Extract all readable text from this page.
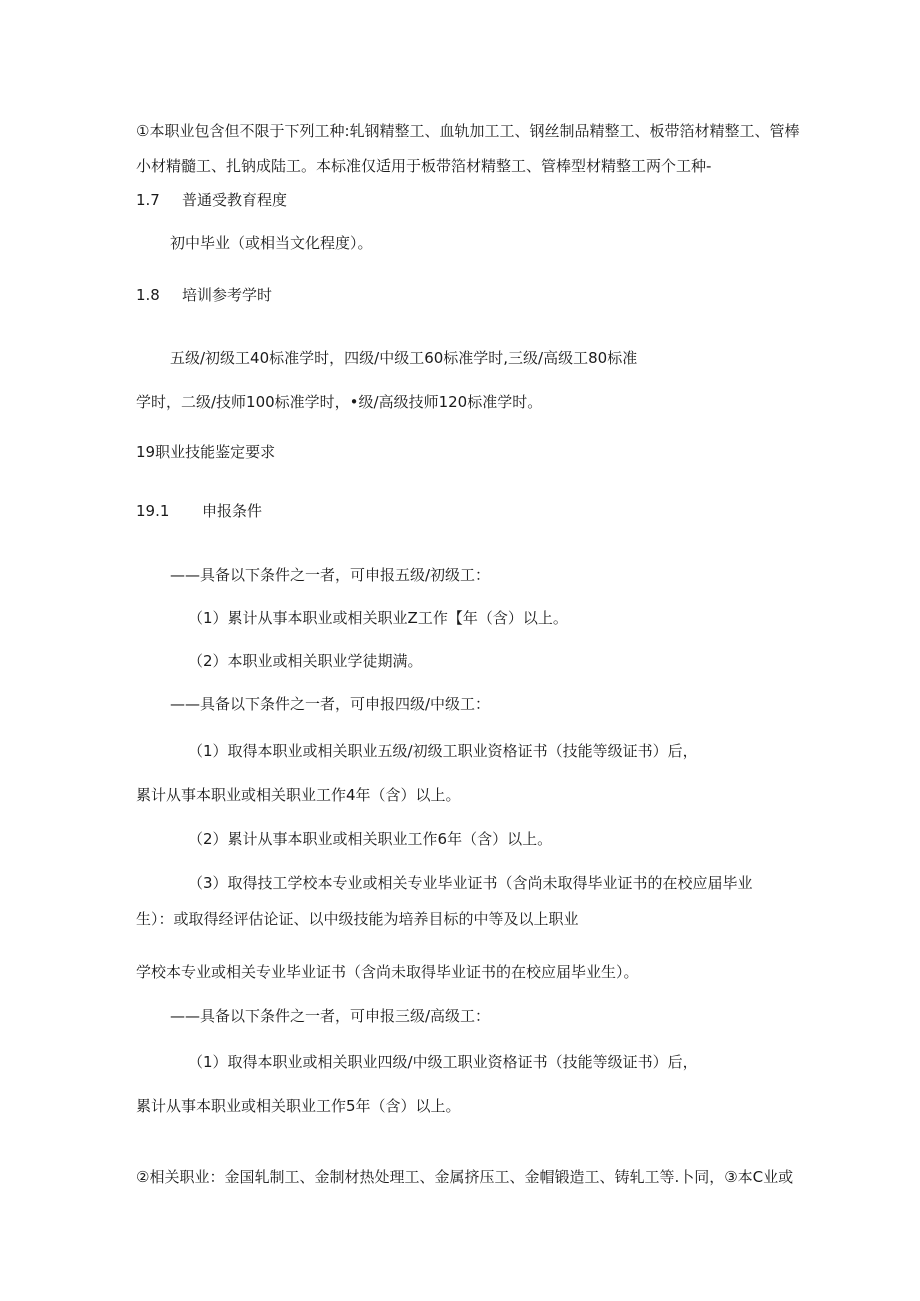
①本职业包含但不限于下列工种:轧钢精整工、血轨加工工、钢丝制品精整工、板带箔材精整工、管棒
小材精髓工、扎钠成陆工。本标准仅适用于板带箔材精整工、管棒型材精整工两个工种-
1.7 普通受教育程度
初中毕业（或相当文化程度）。
1.8 培训参考学时
五级/初级工40标准学时，四级/中级工60标准学时,三级/高级工80标准
学时，二级/技师100标准学时，•级/高级技师120标准学时。
19职业技能鉴定要求
19.1 申报条件
——具备以下条件之一者，可申报五级/初级工：
（1）累计从事本职业或相关职业Z工作【年（含）以上。
（2）本职业或相关职业学徒期满。
——具备以下条件之一者，可申报四级/中级工：
（1）取得本职业或相关职业五级/初级工职业资格证书（技能等级证书）后，
累计从事本职业或相关职业工作4年（含）以上。
（2）累计从事本职业或相关职业工作6年（含）以上。
（3）取得技工学校本专业或相关专业毕业证书（含尚未取得毕业证书的在校应届毕业
生）：或取得经评估论证、以中级技能为培养目标的中等及以上职业
学校本专业或相关专业毕业证书（含尚未取得毕业证书的在校应届毕业生）。
——具备以下条件之一者，可申报三级/高级工：
（1）取得本职业或相关职业四级/中级工职业资格证书（技能等级证书）后，
累计从事本职业或相关职业工作5年（含）以上。
②相关职业：金国轧制工、金制材热处理工、金属挤压工、金帽锻造工、铸轧工等.卜同，③本C业或
